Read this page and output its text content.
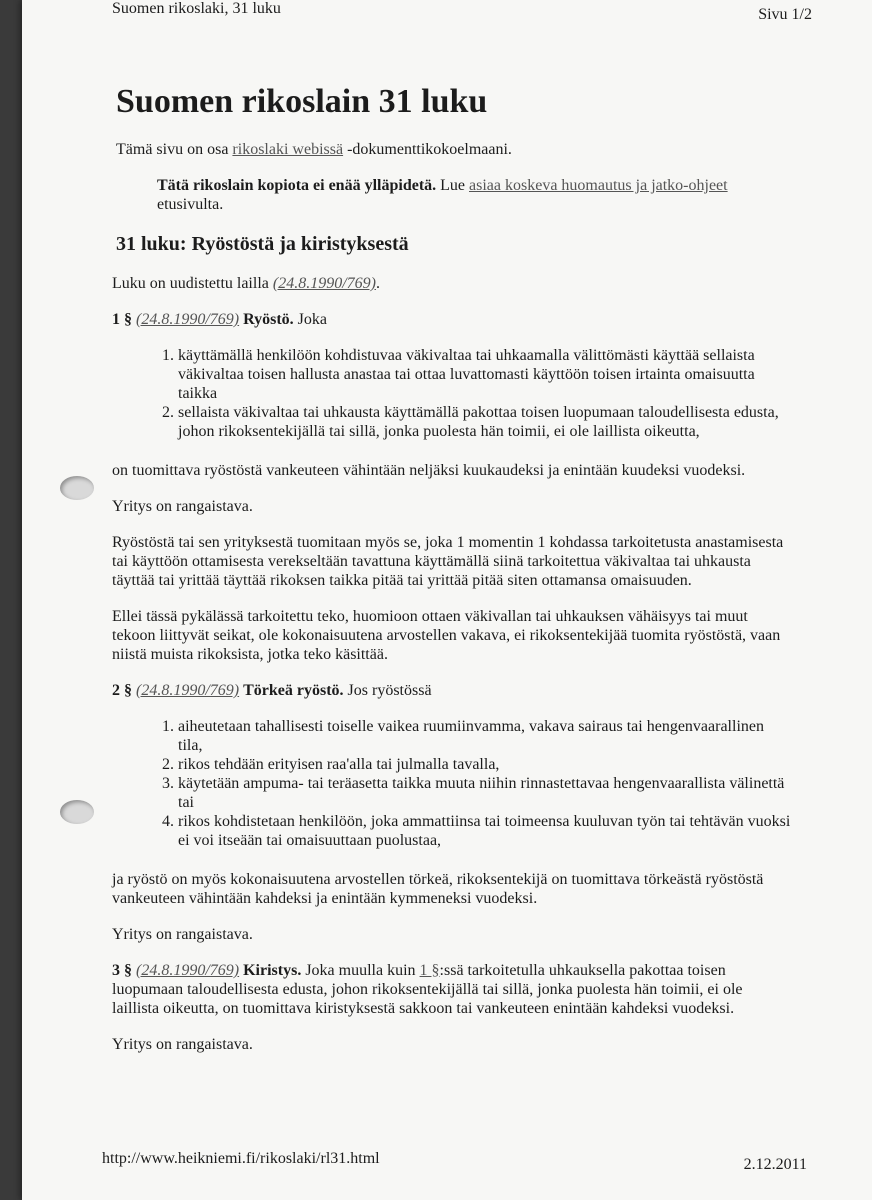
Suomen rikoslaki, 31 luku	Sivu 1/2
Suomen rikoslain 31 luku

Tämä sivu on osa rikoslaki webissä -dokumenttikokoelmaani.

Tätä rikoslain kopiota ei enää ylläpidetä. Lue asiaa koskeva huomautus ja jatko-ohjeet etusivulta.

31 luku: Ryöstöstä ja kiristyksestä

Luku on uudistettu lailla (24.8.1990/769).

1 § (24.8.1990/769) Ryöstö. Joka

1. käyttämällä henkilöön kohdistuvaa väkivaltaa tai uhkaamalla välittömästi käyttää sellaista väkivaltaa toisen hallusta anastaa tai ottaa luvattomasti käyttöön toisen irtainta omaisuutta taikka
2. sellaista väkivaltaa tai uhkausta käyttämällä pakottaa toisen luopumaan taloudellisesta edusta, johon rikoksentekijällä tai sillä, jonka puolesta hän toimii, ei ole laillista oikeutta,

on tuomittava ryöstöstä vankeuteen vähintään neljäksi kuukaudeksi ja enintään kuudeksi vuodeksi.

Yritys on rangaistava.

Ryöstöstä tai sen yrityksestä tuomitaan myös se, joka 1 momentin 1 kohdassa tarkoitetusta anastamisesta tai käyttöön ottamisesta verekseltään tavattuna käyttämällä siinä tarkoitettua väkivaltaa tai uhkausta täyttää tai yrittää täyttää rikoksen taikka pitää tai yrittää pitää siten ottamansa omaisuuden.

Ellei tässä pykälässä tarkoitettu teko, huomioon ottaen väkivallan tai uhkauksen vähäisyys tai muut tekoon liittyvät seikat, ole kokonaisuutena arvostellen vakava, ei rikoksentekijää tuomita ryöstöstä, vaan niistä muista rikoksista, jotka teko käsittää.

2 § (24.8.1990/769) Törkeä ryöstö. Jos ryöstössä

1. aiheutetaan tahallisesti toiselle vaikea ruumiinvamma, vakava sairaus tai hengenvaarallinen tila,
2. rikos tehdään erityisen raa'alla tai julmalla tavalla,
3. käytetään ampuma- tai teräasetta taikka muuta niihin rinnastettavaa hengenvaarallista välinettä tai
4. rikos kohdistetaan henkilöön, joka ammattiinsa tai toimeensa kuuluvan työn tai tehtävän vuoksi ei voi itseään tai omaisuuttaan puolustaa,

ja ryöstö on myös kokonaisuutena arvostellen törkeä, rikoksentekijä on tuomittava törkeästä ryöstöstä vankeuteen vähintään kahdeksi ja enintään kymmeneksi vuodeksi.

Yritys on rangaistava.

3 § (24.8.1990/769) Kiristys. Joka muulla kuin 1 §:ssä tarkoitetulla uhkauksella pakottaa toisen luopumaan taloudellisesta edusta, johon rikoksentekijällä tai sillä, jonka puolesta hän toimii, ei ole laillista oikeutta, on tuomittava kiristyksestä sakkoon tai vankeuteen enintään kahdeksi vuodeksi.

Yritys on rangaistava.

http://www.heikniemi.fi/rikoslaki/rl31.html	2.12.2011
